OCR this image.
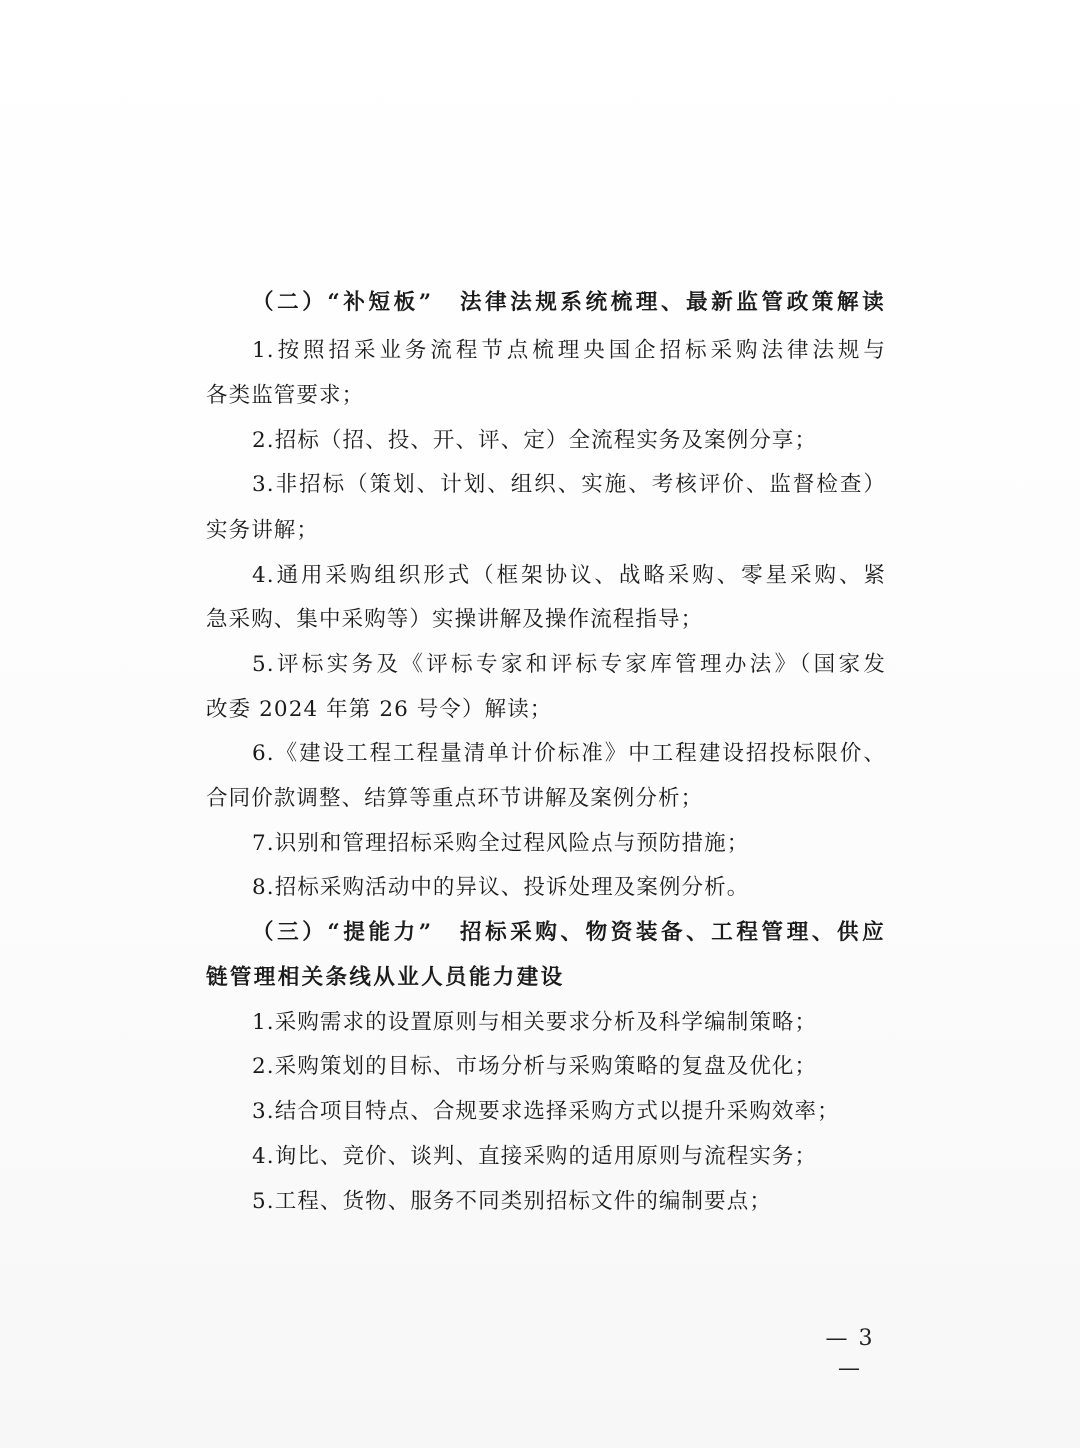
（二）“补短板”　法律法规系统梳理、最新监管政策解读
1.按照招采业务流程节点梳理央国企招标采购法律法规与
各类监管要求；
2.招标（招、投、开、评、定）全流程实务及案例分享；
3.非招标（策划、计划、组织、实施、考核评价、监督检查）
实务讲解；
4.通用采购组织形式（框架协议、战略采购、零星采购、紧
急采购、集中采购等）实操讲解及操作流程指导；
5.评标实务及《评标专家和评标专家库管理办法》（国家发
改委 2024 年第 26 号令）解读；
6.《建设工程工程量清单计价标准》中工程建设招投标限价、
合同价款调整、结算等重点环节讲解及案例分析；
7.识别和管理招标采购全过程风险点与预防措施；
8.招标采购活动中的异议、投诉处理及案例分析。
（三）“提能力”　招标采购、物资装备、工程管理、供应
链管理相关条线从业人员能力建设
1.采购需求的设置原则与相关要求分析及科学编制策略；
2.采购策划的目标、市场分析与采购策略的复盘及优化；
3.结合项目特点、合规要求选择采购方式以提升采购效率；
4.询比、竞价、谈判、直接采购的适用原则与流程实务；
5.工程、货物、服务不同类别招标文件的编制要点；
— 3 —
